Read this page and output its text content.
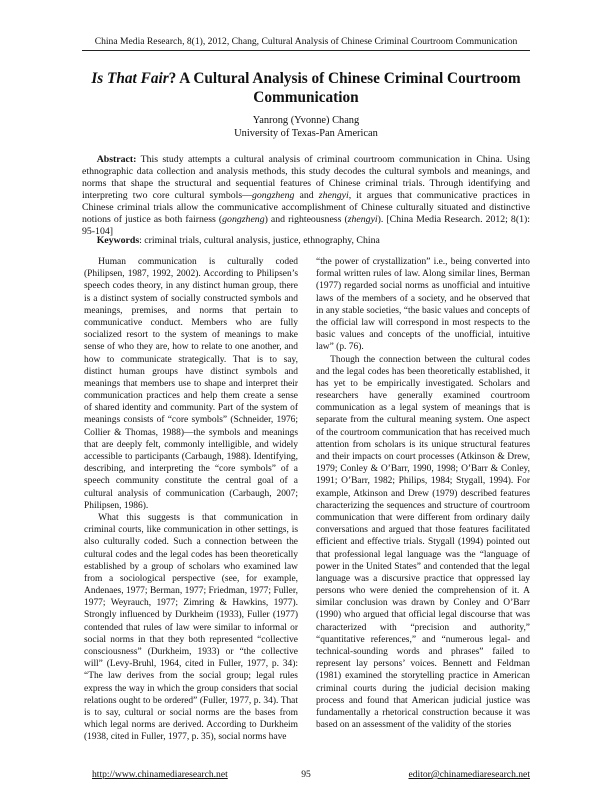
China Media Research, 8(1), 2012, Chang, Cultural Analysis of Chinese Criminal Courtroom Communication
Is That Fair? A Cultural Analysis of Chinese Criminal Courtroom Communication
Yanrong (Yvonne) Chang
University of Texas-Pan American

Abstract: This study attempts a cultural analysis of criminal courtroom communication in China. Using ethnographic data collection and analysis methods, this study decodes the cultural symbols and meanings, and norms that shape the structural and sequential features of Chinese criminal trials. Through identifying and interpreting two core cultural symbols—gongzheng and zhengyi, it argues that communicative practices in Chinese criminal trials allow the communicative accomplishment of Chinese culturally situated and distinctive notions of justice as both fairness (gongzheng) and righteousness (zhengyi). [China Media Research. 2012; 8(1): 95-104]

Keywords: criminal trials, cultural analysis, justice, ethnography, China

Human communication is culturally coded (Philipsen, 1987, 1992, 2002). According to Philipsen’s speech codes theory, in any distinct human group, there is a distinct system of socially constructed symbols and meanings, premises, and norms that pertain to communicative conduct. Members who are fully socialized resort to the system of meanings to make sense of who they are, how to relate to one another, and how to communicate strategically. That is to say, distinct human groups have distinct symbols and meanings that members use to shape and interpret their communication practices and help them create a sense of shared identity and community. Part of the system of meanings consists of “core symbols” (Schneider, 1976; Collier & Thomas, 1988)—the symbols and meanings that are deeply felt, commonly intelligible, and widely accessible to participants (Carbaugh, 1988). Identifying, describing, and interpreting the “core symbols” of a speech community constitute the central goal of a cultural analysis of communication (Carbaugh, 2007; Philipsen, 1986).

What this suggests is that communication in criminal courts, like communication in other settings, is also culturally coded. Such a connection between the cultural codes and the legal codes has been theoretically established by a group of scholars who examined law from a sociological perspective (see, for example, Andenaes, 1977; Berman, 1977; Friedman, 1977; Fuller, 1977; Weyrauch, 1977; Zimring & Hawkins, 1977). Strongly influenced by Durkheim (1933), Fuller (1977) contended that rules of law were similar to informal or social norms in that they both represented “collective consciousness” (Durkheim, 1933) or “the collective will” (Levy-Bruhl, 1964, cited in Fuller, 1977, p. 34): “The law derives from the social group; legal rules express the way in which the group considers that social relations ought to be ordered” (Fuller, 1977, p. 34). That is to say, cultural or social norms are the bases from which legal norms are derived. According to Durkheim (1938, cited in Fuller, 1977, p. 35), social norms have

“the power of crystallization” i.e., being converted into formal written rules of law. Along similar lines, Berman (1977) regarded social norms as unofficial and intuitive laws of the members of a society, and he observed that in any stable societies, “the basic values and concepts of the official law will correspond in most respects to the basic values and concepts of the unofficial, intuitive law” (p. 76).

Though the connection between the cultural codes and the legal codes has been theoretically established, it has yet to be empirically investigated. Scholars and researchers have generally examined courtroom communication as a legal system of meanings that is separate from the cultural meaning system. One aspect of the courtroom communication that has received much attention from scholars is its unique structural features and their impacts on court processes (Atkinson & Drew, 1979; Conley & O’Barr, 1990, 1998; O’Barr & Conley, 1991; O’Barr, 1982; Philips, 1984; Stygall, 1994). For example, Atkinson and Drew (1979) described features characterizing the sequences and structure of courtroom communication that were different from ordinary daily conversations and argued that those features facilitated efficient and effective trials. Stygall (1994) pointed out that professional legal language was the “language of power in the United States” and contended that the legal language was a discursive practice that oppressed lay persons who were denied the comprehension of it. A similar conclusion was drawn by Conley and O’Barr (1990) who argued that official legal discourse that was characterized with “precision and authority,” “quantitative references,” and “numerous legal- and technical-sounding words and phrases” failed to represent lay persons’ voices. Bennett and Feldman (1981) examined the storytelling practice in American criminal courts during the judicial decision making process and found that American judicial justice was fundamentally a rhetorical construction because it was based on an assessment of the validity of the stories

http://www.chinamediaresearch.net	95	editor@chinamediaresearch.net
